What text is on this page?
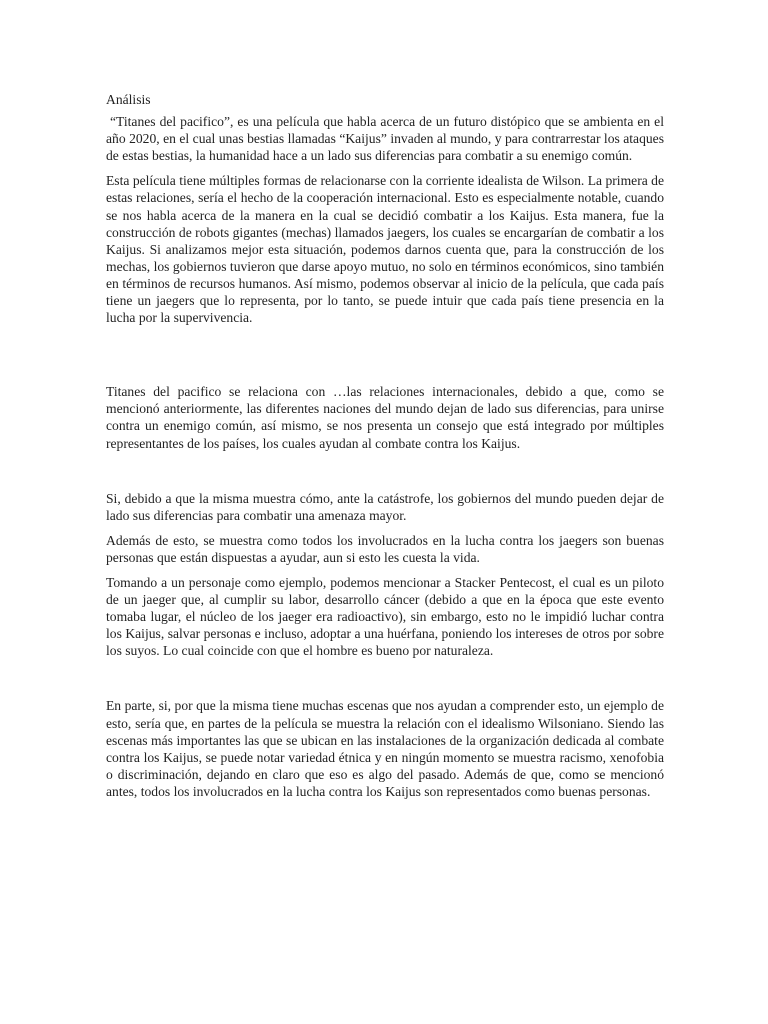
Análisis

“Titanes del pacifico”, es una película que habla acerca de un futuro distópico que se ambienta en el año 2020, en el cual unas bestias llamadas “Kaijus” invaden al mundo, y para contrarrestar los ataques de estas bestias, la humanidad hace a un lado sus diferencias para combatir a su enemigo común.

Esta película tiene múltiples formas de relacionarse con la corriente idealista de Wilson. La primera de estas relaciones, sería el hecho de la cooperación internacional. Esto es especialmente notable, cuando se nos habla acerca de la manera en la cual se decidió combatir a los Kaijus. Esta manera, fue la construcción de robots gigantes (mechas) llamados jaegers, los cuales se encargarían de combatir a los Kaijus. Si analizamos mejor esta situación, podemos darnos cuenta que, para la construcción de los mechas, los gobiernos tuvieron que darse apoyo mutuo, no solo en términos económicos, sino también en términos de recursos humanos. Así mismo, podemos observar al inicio de la película, que cada país tiene un jaegers que lo representa, por lo tanto, se puede intuir que cada país tiene presencia en la lucha por la supervivencia.

Titanes del pacifico se relaciona con …las relaciones internacionales, debido a que, como se mencionó anteriormente, las diferentes naciones del mundo dejan de lado sus diferencias, para unirse contra un enemigo común, así mismo, se nos presenta un consejo que está integrado por múltiples representantes de los países, los cuales ayudan al combate contra los Kaijus.

Si, debido a que la misma muestra cómo, ante la catástrofe, los gobiernos del mundo pueden dejar de lado sus diferencias para combatir una amenaza mayor.

Además de esto, se muestra como todos los involucrados en la lucha contra los jaegers son buenas personas que están dispuestas a ayudar, aun si esto les cuesta la vida.

Tomando a un personaje como ejemplo, podemos mencionar a Stacker Pentecost, el cual es un piloto de un jaeger que, al cumplir su labor, desarrollo cáncer (debido a que en la época que este evento tomaba lugar, el núcleo de los jaeger era radioactivo), sin embargo, esto no le impidió luchar contra los Kaijus, salvar personas e incluso, adoptar a una huérfana, poniendo los intereses de otros por sobre los suyos. Lo cual coincide con que el hombre es bueno por naturaleza.

En parte, si, por que la misma tiene muchas escenas que nos ayudan a comprender esto, un ejemplo de esto, sería que, en partes de la película se muestra la relación con el idealismo Wilsoniano. Siendo las escenas más importantes las que se ubican en las instalaciones de la organización dedicada al combate contra los Kaijus, se puede notar variedad étnica y en ningún momento se muestra racismo, xenofobia o discriminación, dejando en claro que eso es algo del pasado. Además de que, como se mencionó antes, todos los involucrados en la lucha contra los Kaijus son representados como buenas personas.
